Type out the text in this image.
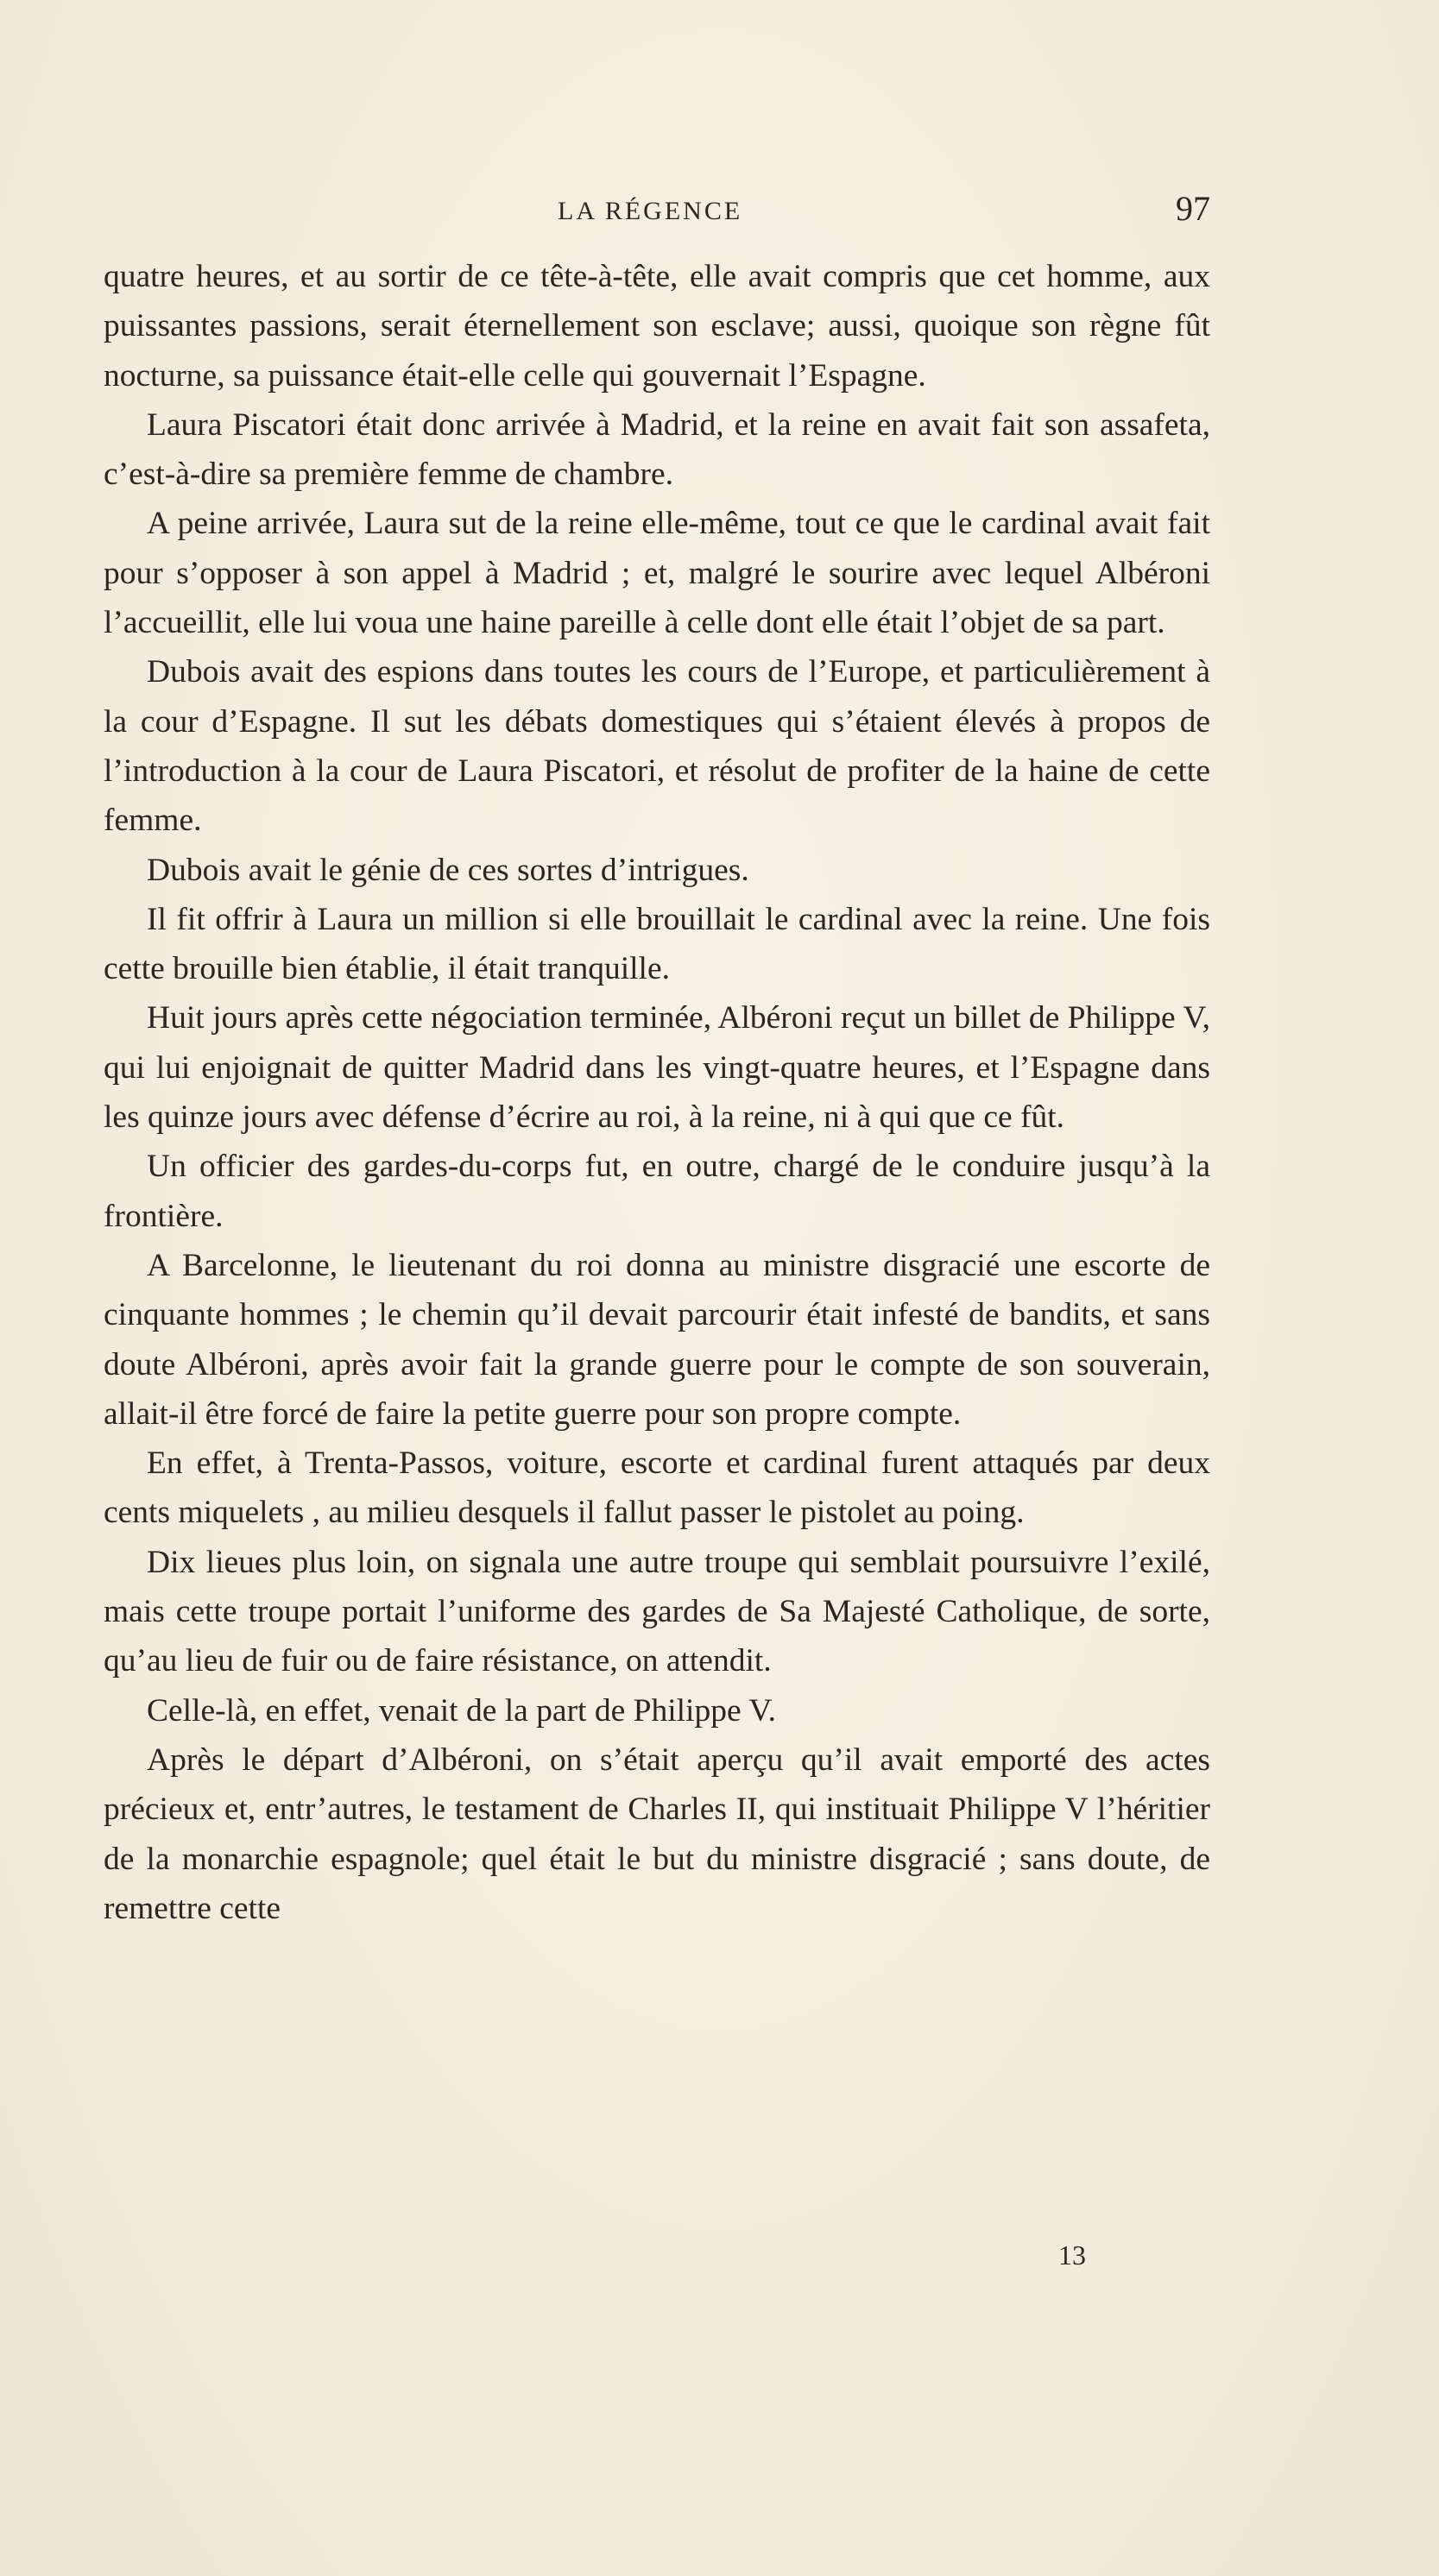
LA RÉGENCE	97

quatre heures, et au sortir de ce tête-à-tête, elle avait compris que cet homme, aux puissantes passions, serait éternellement son esclave; aussi, quoique son règne fût nocturne, sa puissance était-elle celle qui gouvernait l’Espagne.

Laura Piscatori était donc arrivée à Madrid, et la reine en avait fait son assafeta, c’est-à-dire sa première femme de chambre.

A peine arrivée, Laura sut de la reine elle-même, tout ce que le cardinal avait fait pour s’opposer à son appel à Madrid ; et, malgré le sourire avec lequel Albéroni l’accueillit, elle lui voua une haine pareille à celle dont elle était l’objet de sa part.

Dubois avait des espions dans toutes les cours de l’Europe, et particulièrement à la cour d’Espagne. Il sut les débats domestiques qui s’étaient élevés à propos de l’introduction à la cour de Laura Piscatori, et résolut de profiter de la haine de cette femme.

Dubois avait le génie de ces sortes d’intrigues.

Il fit offrir à Laura un million si elle brouillait le cardinal avec la reine. Une fois cette brouille bien établie, il était tranquille.

Huit jours après cette négociation terminée, Albéroni reçut un billet de Philippe V, qui lui enjoignait de quitter Madrid dans les vingt-quatre heures, et l’Espagne dans les quinze jours avec défense d’écrire au roi, à la reine, ni à qui que ce fût.

Un officier des gardes-du-corps fut, en outre, chargé de le conduire jusqu’à la frontière.

A Barcelonne, le lieutenant du roi donna au ministre disgracié une escorte de cinquante hommes ; le chemin qu’il devait parcourir était infesté de bandits, et sans doute Albéroni, après avoir fait la grande guerre pour le compte de son souverain, allait-il être forcé de faire la petite guerre pour son propre compte.

En effet, à Trenta-Passos, voiture, escorte et cardinal furent attaqués par deux cents miquelets , au milieu desquels il fallut passer le pistolet au poing.

Dix lieues plus loin, on signala une autre troupe qui semblait poursuivre l’exilé, mais cette troupe portait l’uniforme des gardes de Sa Majesté Catholique, de sorte, qu’au lieu de fuir ou de faire résistance, on attendit.

Celle-là, en effet, venait de la part de Philippe V.

Après le départ d’Albéroni, on s’était aperçu qu’il avait emporté des actes précieux et, entr’autres, le testament de Charles II, qui instituait Philippe V l’héritier de la monarchie espagnole; quel était le but du ministre disgracié ; sans doute, de remettre cette

13
